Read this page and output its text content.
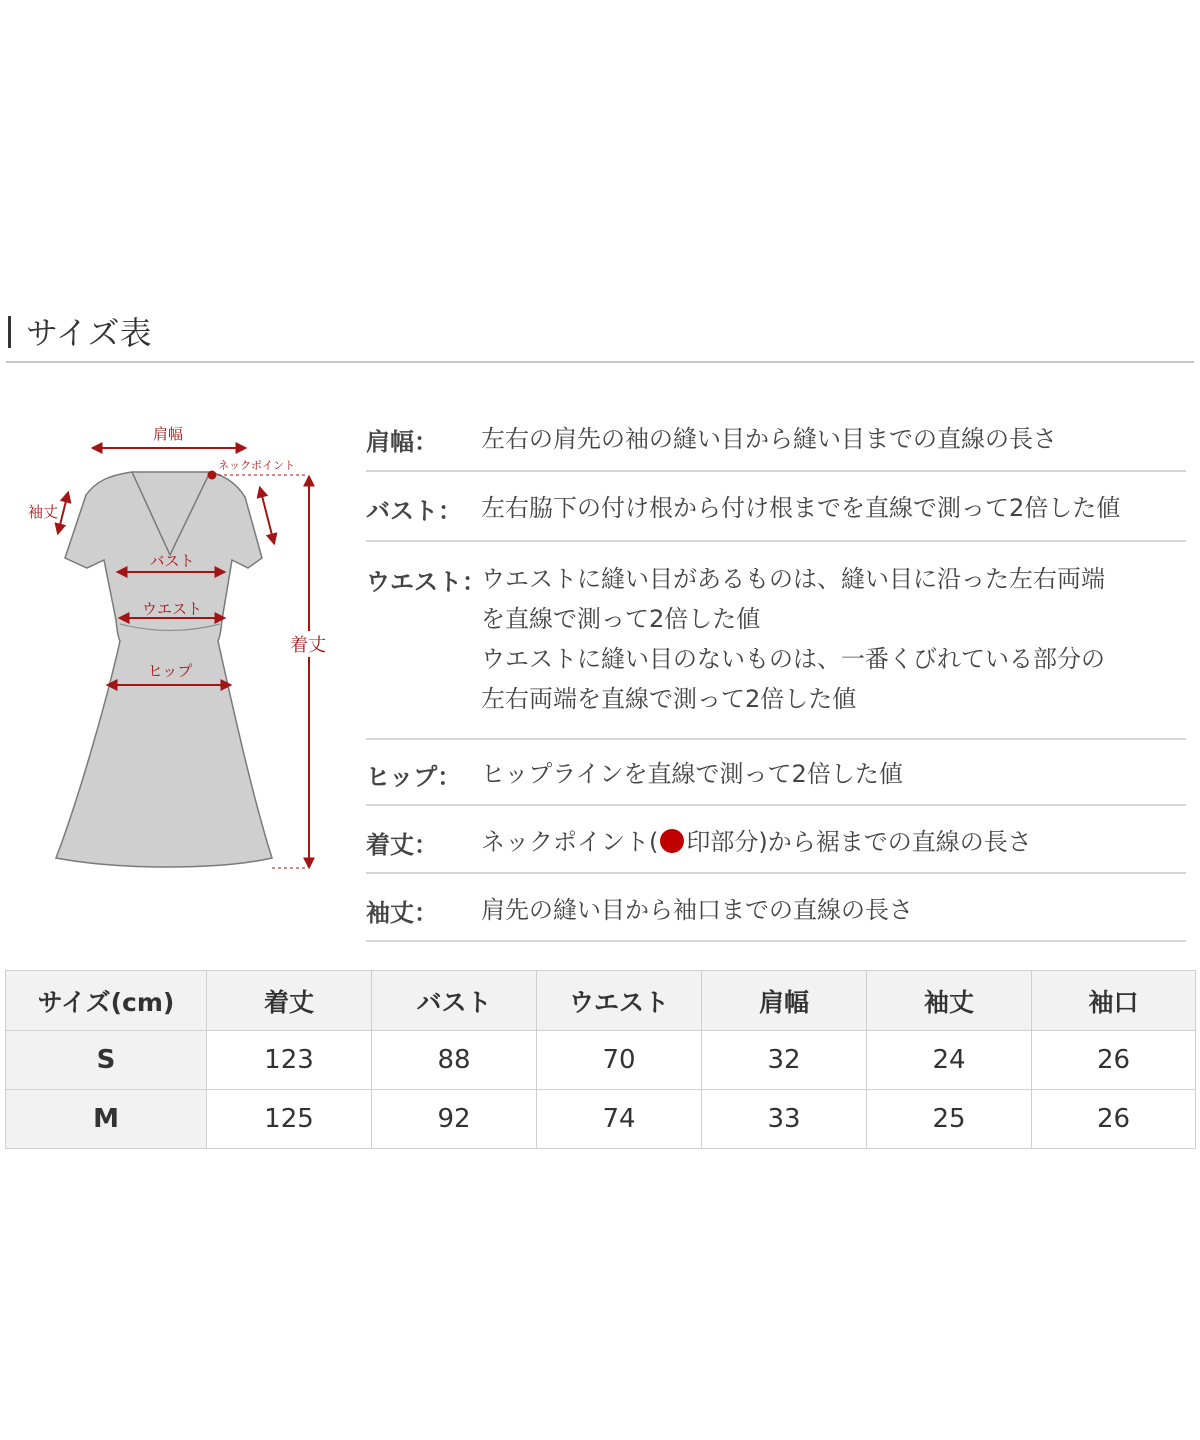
サイズ表
肩幅
ネックポイント
袖丈
バスト
ウエスト
ヒップ
着丈
肩幅： 左右の肩先の袖の縫い目から縫い目までの直線の長さ
バスト： 左右脇下の付け根から付け根までを直線で測って2倍した値
ウエスト：
ウエストに縫い目があるものは、縫い目に沿った左右両端
を直線で測って2倍した値
ウエストに縫い目のないものは、一番くびれている部分の
左右両端を直線で測って2倍した値
ヒップ： ヒップラインを直線で測って2倍した値
着丈： ネックポイント( 印部分)から裾までの直線の長さ
袖丈： 肩先の縫い目から袖口までの直線の長さ
サイズ(cm)	着丈	バスト	ウエスト	肩幅	袖丈	袖口
S	123	88	70	32	24	26
M	125	92	74	33	25	26
